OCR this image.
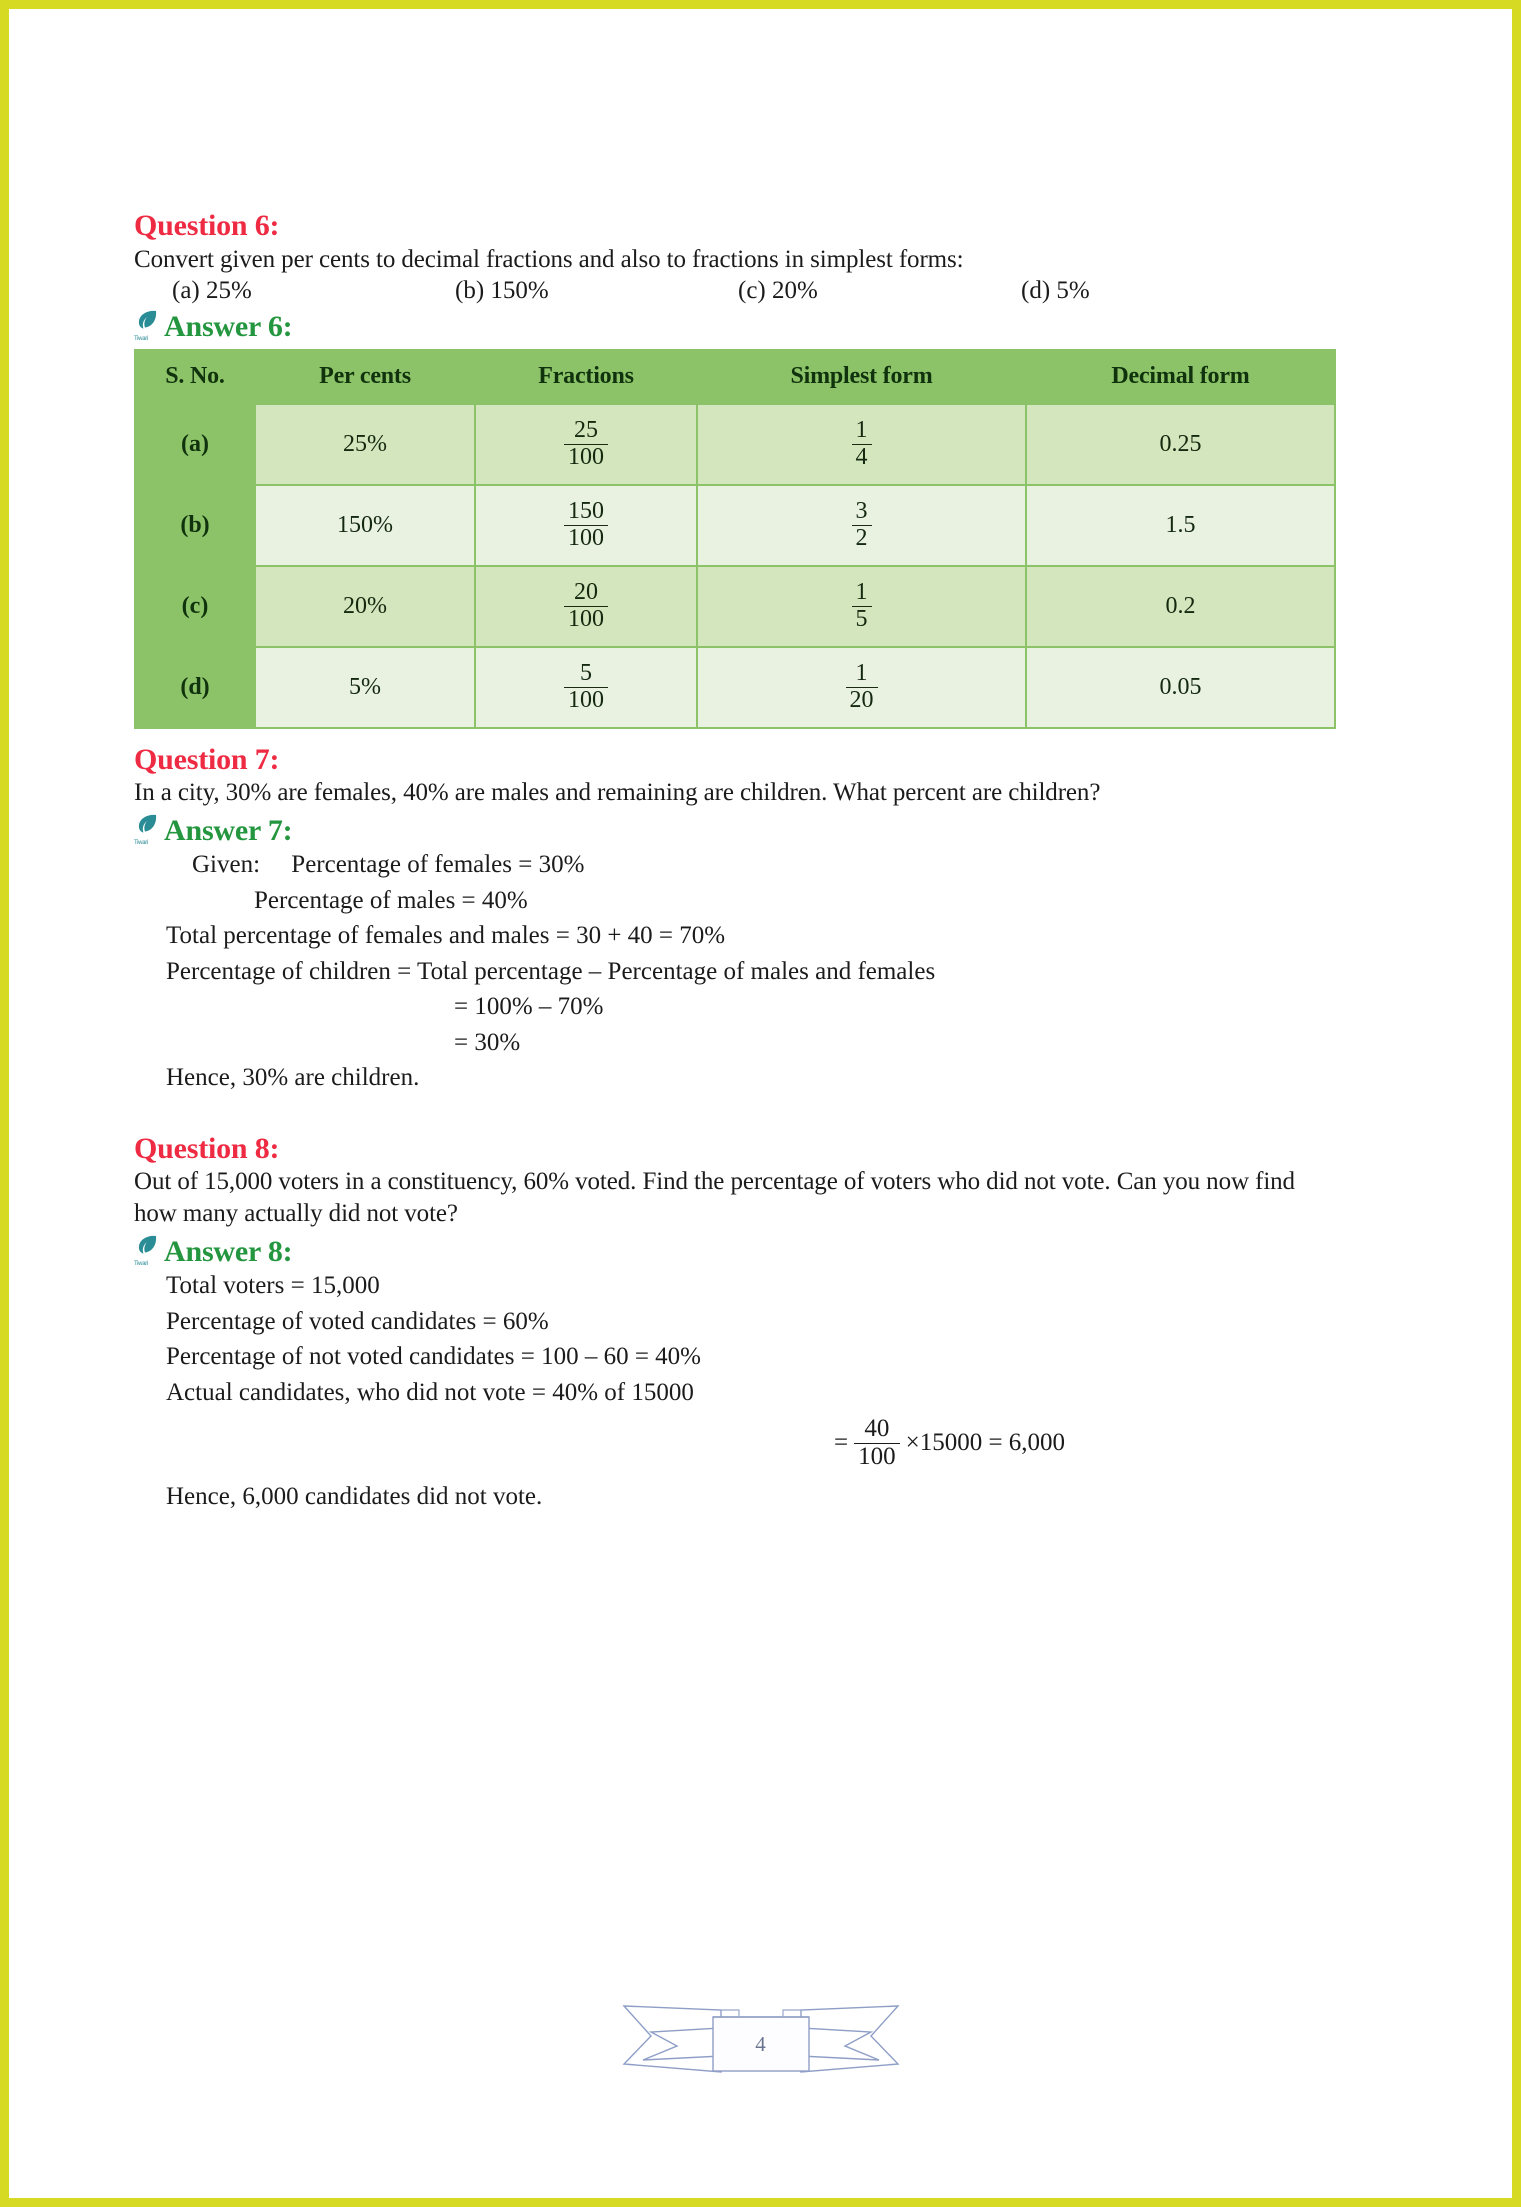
Question 6:
Convert given per cents to decimal fractions and also to fractions in simplest forms:
(a) 25%	(b) 150%	(c) 20%	(d) 5%
Tiwari Answer 6:
S. No.	Per cents	Fractions	Simplest form	Decimal form
(a)	25%	$\frac{25}{100}$	$\frac{1}{4}$	0.25
(b)	150%	$\frac{150}{100}$	$\frac{3}{2}$	1.5
(c)	20%	$\frac{20}{100}$	$\frac{1}{5}$	0.2
(d)	5%	$\frac{5}{100}$	$\frac{1}{20}$	0.05
Question 7:
In a city, 30% are females, 40% are males and remaining are children. What percent are children?
Tiwari Answer 7:
Given:     Percentage of females = 30%
Percentage of males = 40%
Total percentage of females and males = 30 + 40 = 70%
Percentage of children = Total percentage – Percentage of males and females
= 100% – 70%
= 30%
Hence, 30% are children.
Question 8:
Out of 15,000 voters in a constituency, 60% voted. Find the percentage of voters who did not vote. Can you now find how many actually did not vote?
Tiwari Answer 8:
Total voters = 15,000
Percentage of voted candidates = 60%
Percentage of not voted candidates = 100 – 60 = 40%
Actual candidates, who did not vote = 40% of 15000
= $\frac{40}{100} \times 15000 = 6,000$
Hence, 6,000 candidates did not vote.
4
